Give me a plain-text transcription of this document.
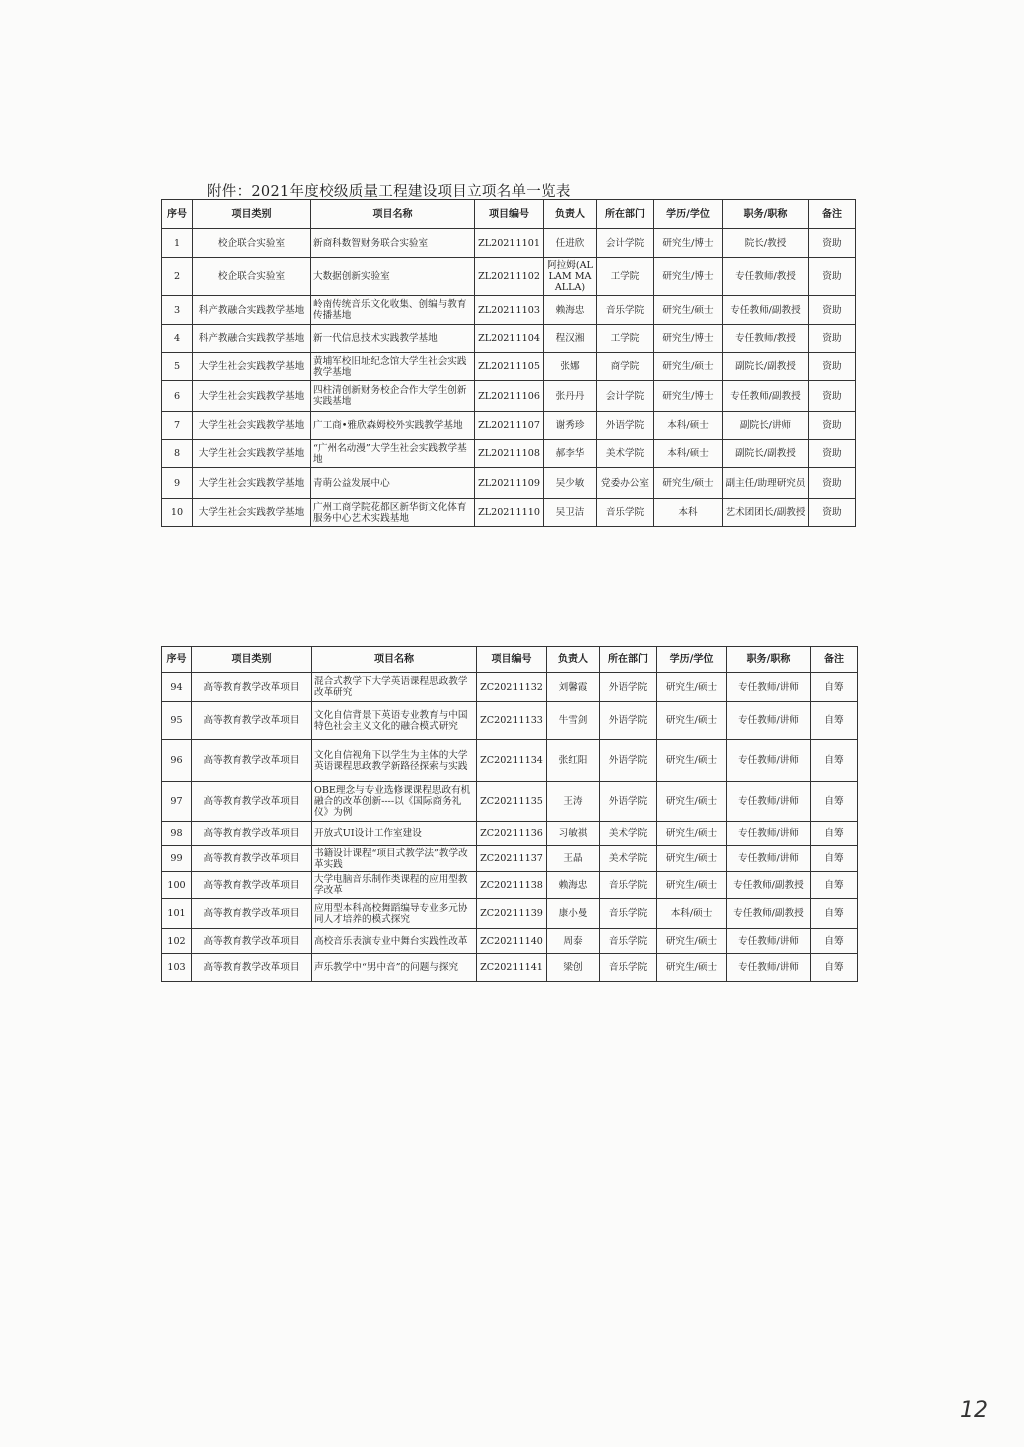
附件：2021年度校级质量工程建设项目立项名单一览表
序号	项目类别	项目名称	项目编号	负责人	所在部门	学历/学位	职务/职称	备注
1	校企联合实验室	新商科数智财务联合实验室	ZL20211101	任进欣	会计学院	研究生/博士	院长/教授	资助
2	校企联合实验室	大数据创新实验室	ZL20211102	阿拉姆(ALLAM MAALLA)	工学院	研究生/博士	专任教师/教授	资助
3	科产教融合实践教学基地	岭南传统音乐文化收集、创编与教育传播基地	ZL20211103	赖海忠	音乐学院	研究生/硕士	专任教师/副教授	资助
4	科产教融合实践教学基地	新一代信息技术实践教学基地	ZL20211104	程汉湘	工学院	研究生/博士	专任教师/教授	资助
5	大学生社会实践教学基地	黄埔军校旧址纪念馆大学生社会实践教学基地	ZL20211105	张娜	商学院	研究生/硕士	副院长/副教授	资助
6	大学生社会实践教学基地	四柱清创新财务校企合作大学生创新实践基地	ZL20211106	张丹丹	会计学院	研究生/博士	专任教师/副教授	资助
7	大学生社会实践教学基地	广工商•雅欣森姆校外实践教学基地	ZL20211107	谢秀珍	外语学院	本科/硕士	副院长/讲师	资助
8	大学生社会实践教学基地	“广州名动漫”大学生社会实践教学基地	ZL20211108	郝李华	美术学院	本科/硕士	副院长/副教授	资助
9	大学生社会实践教学基地	青萌公益发展中心	ZL20211109	吴少敏	党委办公室	研究生/硕士	副主任/助理研究员	资助
10	大学生社会实践教学基地	广州工商学院花都区新华街文化体育服务中心艺术实践基地	ZL20211110	吴卫洁	音乐学院	本科	艺术团团长/副教授	资助
序号	项目类别	项目名称	项目编号	负责人	所在部门	学历/学位	职务/职称	备注
94	高等教育教学改革项目	混合式教学下大学英语课程思政教学改革研究	ZC20211132	刘馨霞	外语学院	研究生/硕士	专任教师/讲师	自筹
95	高等教育教学改革项目	文化自信背景下英语专业教育与中国特色社会主义文化的融合模式研究	ZC20211133	牛雪剑	外语学院	研究生/硕士	专任教师/讲师	自筹
96	高等教育教学改革项目	文化自信视角下以学生为主体的大学英语课程思政教学新路径探索与实践	ZC20211134	张红阳	外语学院	研究生/硕士	专任教师/讲师	自筹
97	高等教育教学改革项目	OBE理念与专业选修课课程思政有机融合的改革创新----以《国际商务礼仪》为例	ZC20211135	王涛	外语学院	研究生/硕士	专任教师/讲师	自筹
98	高等教育教学改革项目	开放式UI设计工作室建设	ZC20211136	习敏祺	美术学院	研究生/硕士	专任教师/讲师	自筹
99	高等教育教学改革项目	书籍设计课程“项目式教学法”教学改革实践	ZC20211137	王晶	美术学院	研究生/硕士	专任教师/讲师	自筹
100	高等教育教学改革项目	大学电脑音乐制作类课程的应用型教学改革	ZC20211138	赖海忠	音乐学院	研究生/硕士	专任教师/副教授	自筹
101	高等教育教学改革项目	应用型本科高校舞蹈编导专业多元协同人才培养的模式探究	ZC20211139	康小曼	音乐学院	本科/硕士	专任教师/副教授	自筹
102	高等教育教学改革项目	高校音乐表演专业中舞台实践性改革	ZC20211140	周泰	音乐学院	研究生/硕士	专任教师/讲师	自筹
103	高等教育教学改革项目	声乐教学中“男中音”的问题与探究	ZC20211141	梁创	音乐学院	研究生/硕士	专任教师/讲师	自筹
12
